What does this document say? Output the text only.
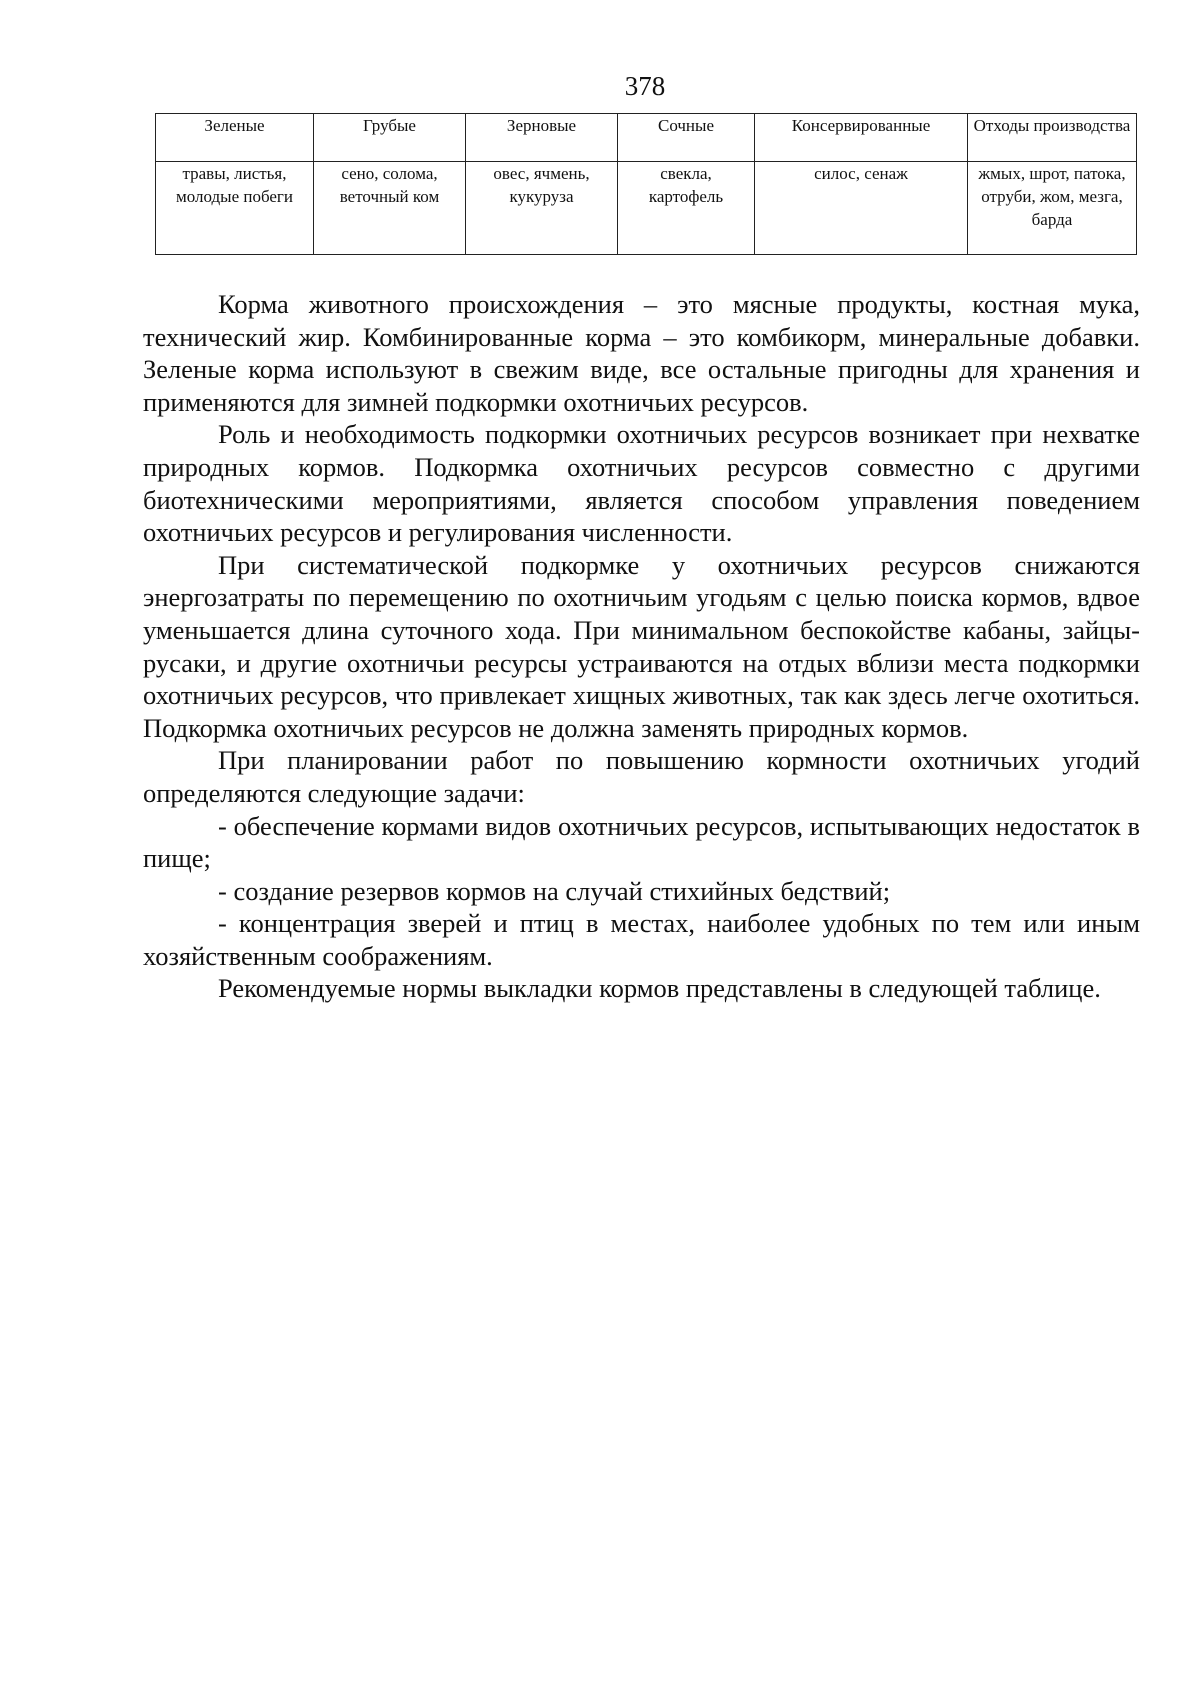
378
Зеленые	Грубые	Зерновые	Сочные	Консервированные	Отходы производства
травы, листья, молодые побеги	сено, солома, веточный ком	овес, ячмень, кукуруза	свекла, картофель	силос, сенаж	жмых, шрот, патока, отруби, жом, мезга, барда

Корма животного происхождения – это мясные продукты, костная мука, технический жир. Комбинированные корма – это комбикорм, минеральные добавки. Зеленые корма используют в свежим виде, все остальные пригодны для хранения и применяются для зимней подкормки охотничьих ресурсов.

Роль и необходимость подкормки охотничьих ресурсов возникает при нехватке природных кормов. Подкормка охотничьих ресурсов совместно с другими биотехническими мероприятиями, является способом управления поведением охотничьих ресурсов и регулирования численности.

При систематической подкормке у охотничьих ресурсов снижаются энергозатраты по перемещению по охотничьим угодьям с целью поиска кормов, вдвое уменьшается длина суточного хода. При минимальном беспокойстве кабаны, зайцы-русаки, и другие охотничьи ресурсы устраиваются на отдых вблизи места подкормки охотничьих ресурсов, что привлекает хищных животных, так как здесь легче охотиться. Подкормка охотничьих ресурсов не должна заменять природных кормов.

При планировании работ по повышению кормности охотничьих угодий определяются следующие задачи:

- обеспечение кормами видов охотничьих ресурсов, испытывающих недостаток в пище;

- создание резервов кормов на случай стихийных бедствий;

- концентрация зверей и птиц в местах, наиболее удобных по тем или иным хозяйственным соображениям.

Рекомендуемые нормы выкладки кормов представлены в следующей таблице.
